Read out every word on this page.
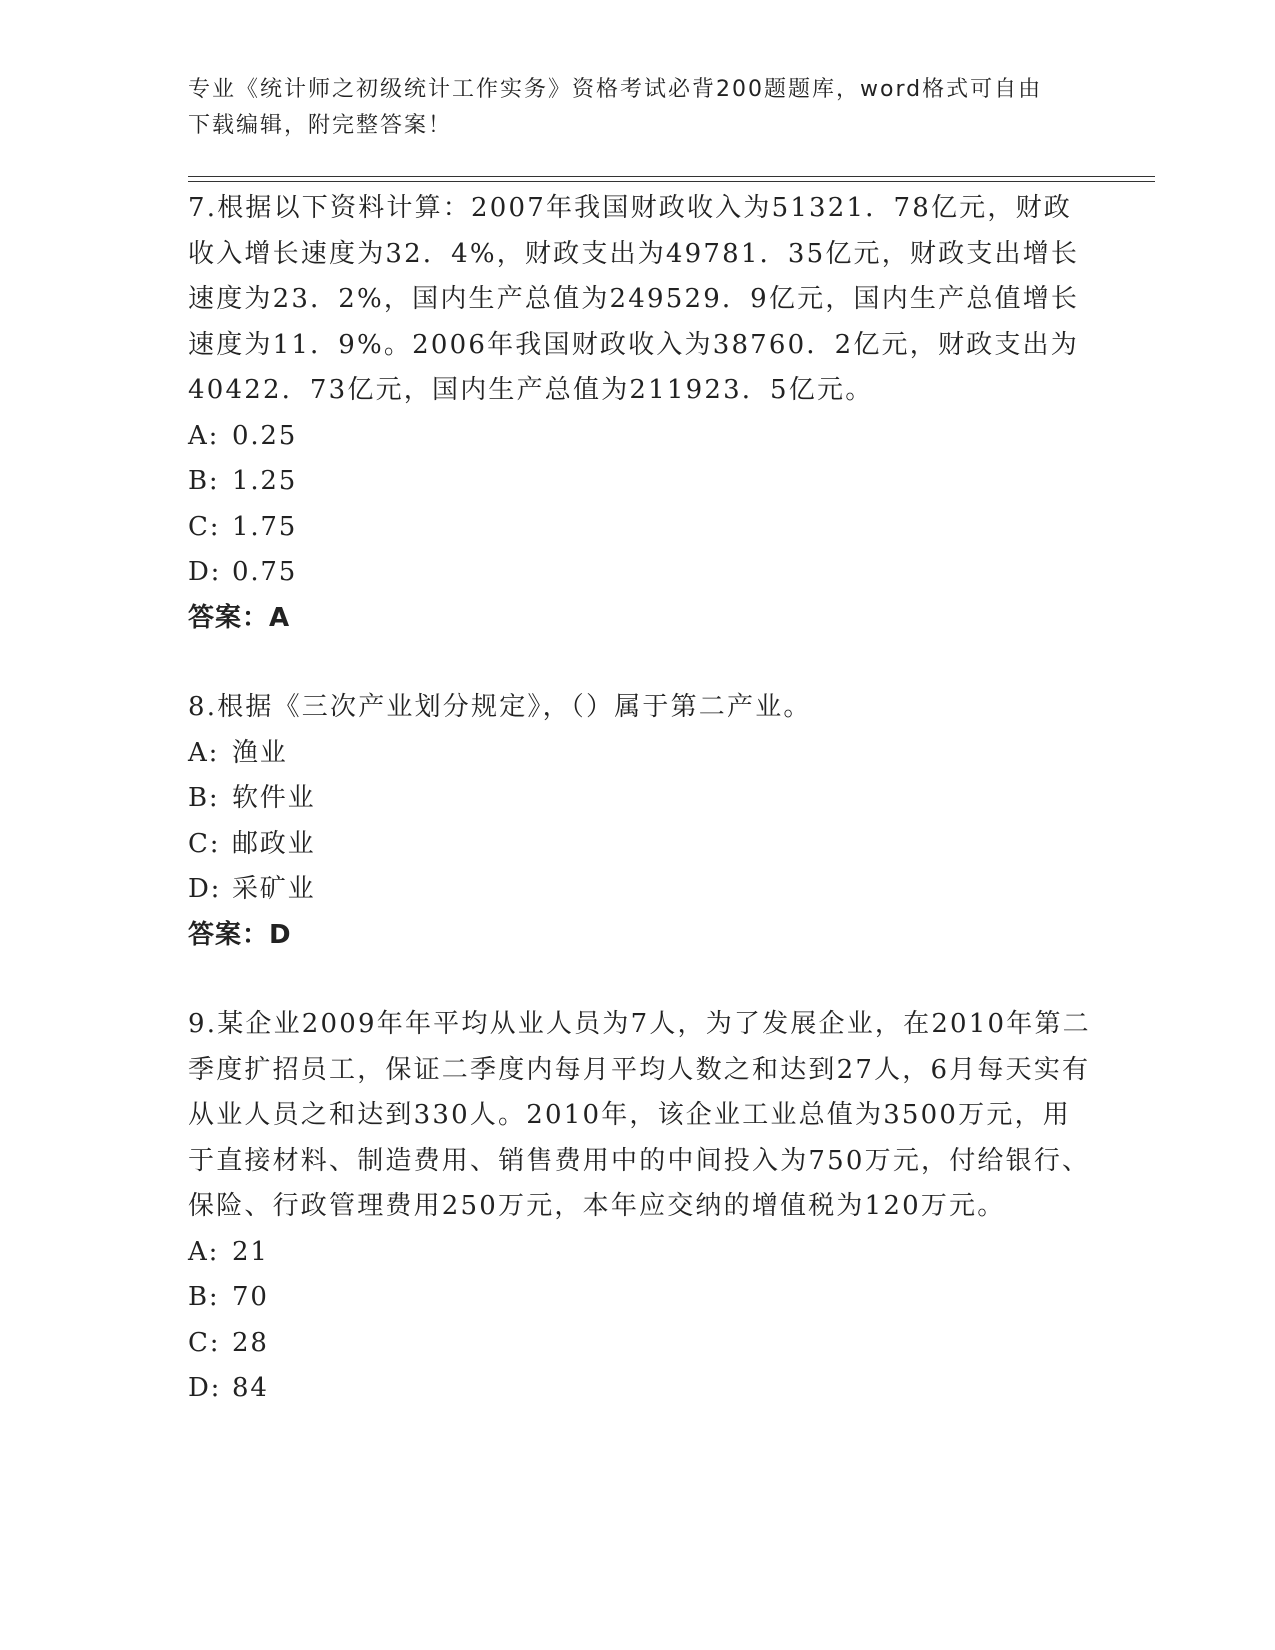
专业《统计师之初级统计工作实务》资格考试必背200题题库，word格式可自由
下载编辑，附完整答案！

7.根据以下资料计算：2007年我国财政收入为51321．78亿元，财政收入增长速度为32．4%，财政支出为49781．35亿元，财政支出增长速度为23．2%，国内生产总值为249529．9亿元，国内生产总值增长速度为11．9%。2006年我国财政收入为38760．2亿元，财政支出为40422．73亿元，国内生产总值为211923．5亿元。

A: 0.25
B: 1.25
C: 1.75
D: 0.75

答案：A

8.根据《三次产业划分规定》，（）属于第二产业。

A: 渔业
B: 软件业
C: 邮政业
D: 采矿业

答案：D

9.某企业2009年年平均从业人员为7人，为了发展企业，在2010年第二季度扩招员工，保证二季度内每月平均人数之和达到27人，6月每天实有从业人员之和达到330人。2010年，该企业工业总值为3500万元，用于直接材料、制造费用、销售费用中的中间投入为750万元，付给银行、保险、行政管理费用250万元，本年应交纳的增值税为120万元。

A: 21
B: 70
C: 28
D: 84
